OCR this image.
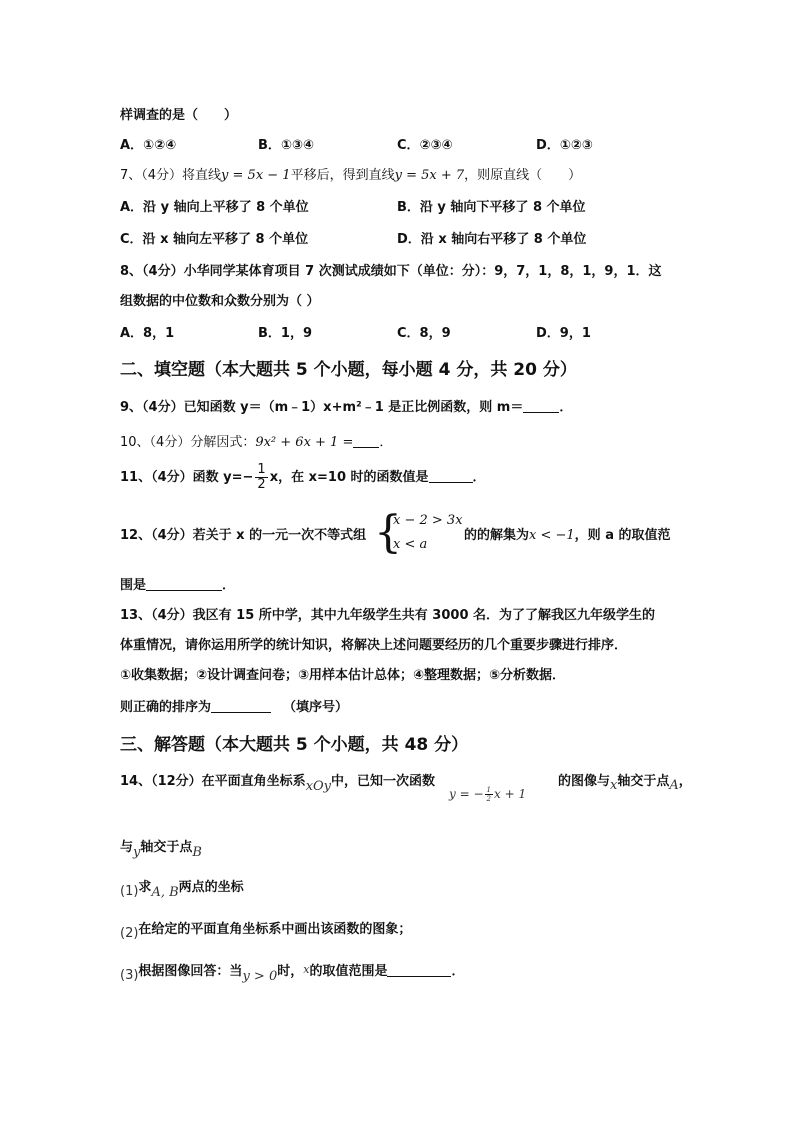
样调查的是（　　）
A．①②④	B．①③④	C．②③④	D．①②③
7、（4分）将直线y = 5x − 1平移后，得到直线y = 5x + 7，则原直线（　　）
A．沿 y 轴向上平移了 8 个单位	B．沿 y 轴向下平移了 8 个单位
C．沿 x 轴向左平移了 8 个单位	D．沿 x 轴向右平移了 8 个单位
8、（4分）小华同学某体育项目 7 次测试成绩如下（单位：分）：9，7，1，8，1，9，1．这
组数据的中位数和众数分别为（ ）
A．8，1	B．1，9	C．8，9	D．9，1
二、填空题（本大题共 5 个小题，每小题 4 分，共 20 分）
9、（4分）已知函数 y＝（m﹣1）x+m²﹣1 是正比例函数，则 m＝	．
10、（4分）分解因式：9x² + 6x + 1 = ．
11、（4分）函数 $y=- \frac{1}{2}$ x，在 x=10 时的函数值是	．
12、（4分）若关于 x 的一元一次不等式组 {
x − 2 > 3x
x < a
的的解集为x < −1，则 a 的取值范
围是	．
13、（4分）我区有 15 所中学，其中九年级学生共有 3000 名．为了了解我区九年级学生的
体重情况，请你运用所学的统计知识，将解决上述问题要经历的几个重要步骤进行排序．
①收集数据；②设计调查问卷；③用样本估计总体；④整理数据；⑤分析数据．
则正确的排序为	（填序号）
三、解答题（本大题共 5 个小题，共 48 分）
14、（12分）在平面直角坐标系xOy中，已知一次函数
y = − $\frac{1}{2}$ x + 1
的图像与x轴交于点A，
与y轴交于点B
(1)求A, B两点的坐标
(2)在给定的平面直角坐标系中画出该函数的图象；
(3)根据图像回答：当y > 0时，x的取值范围是	．
